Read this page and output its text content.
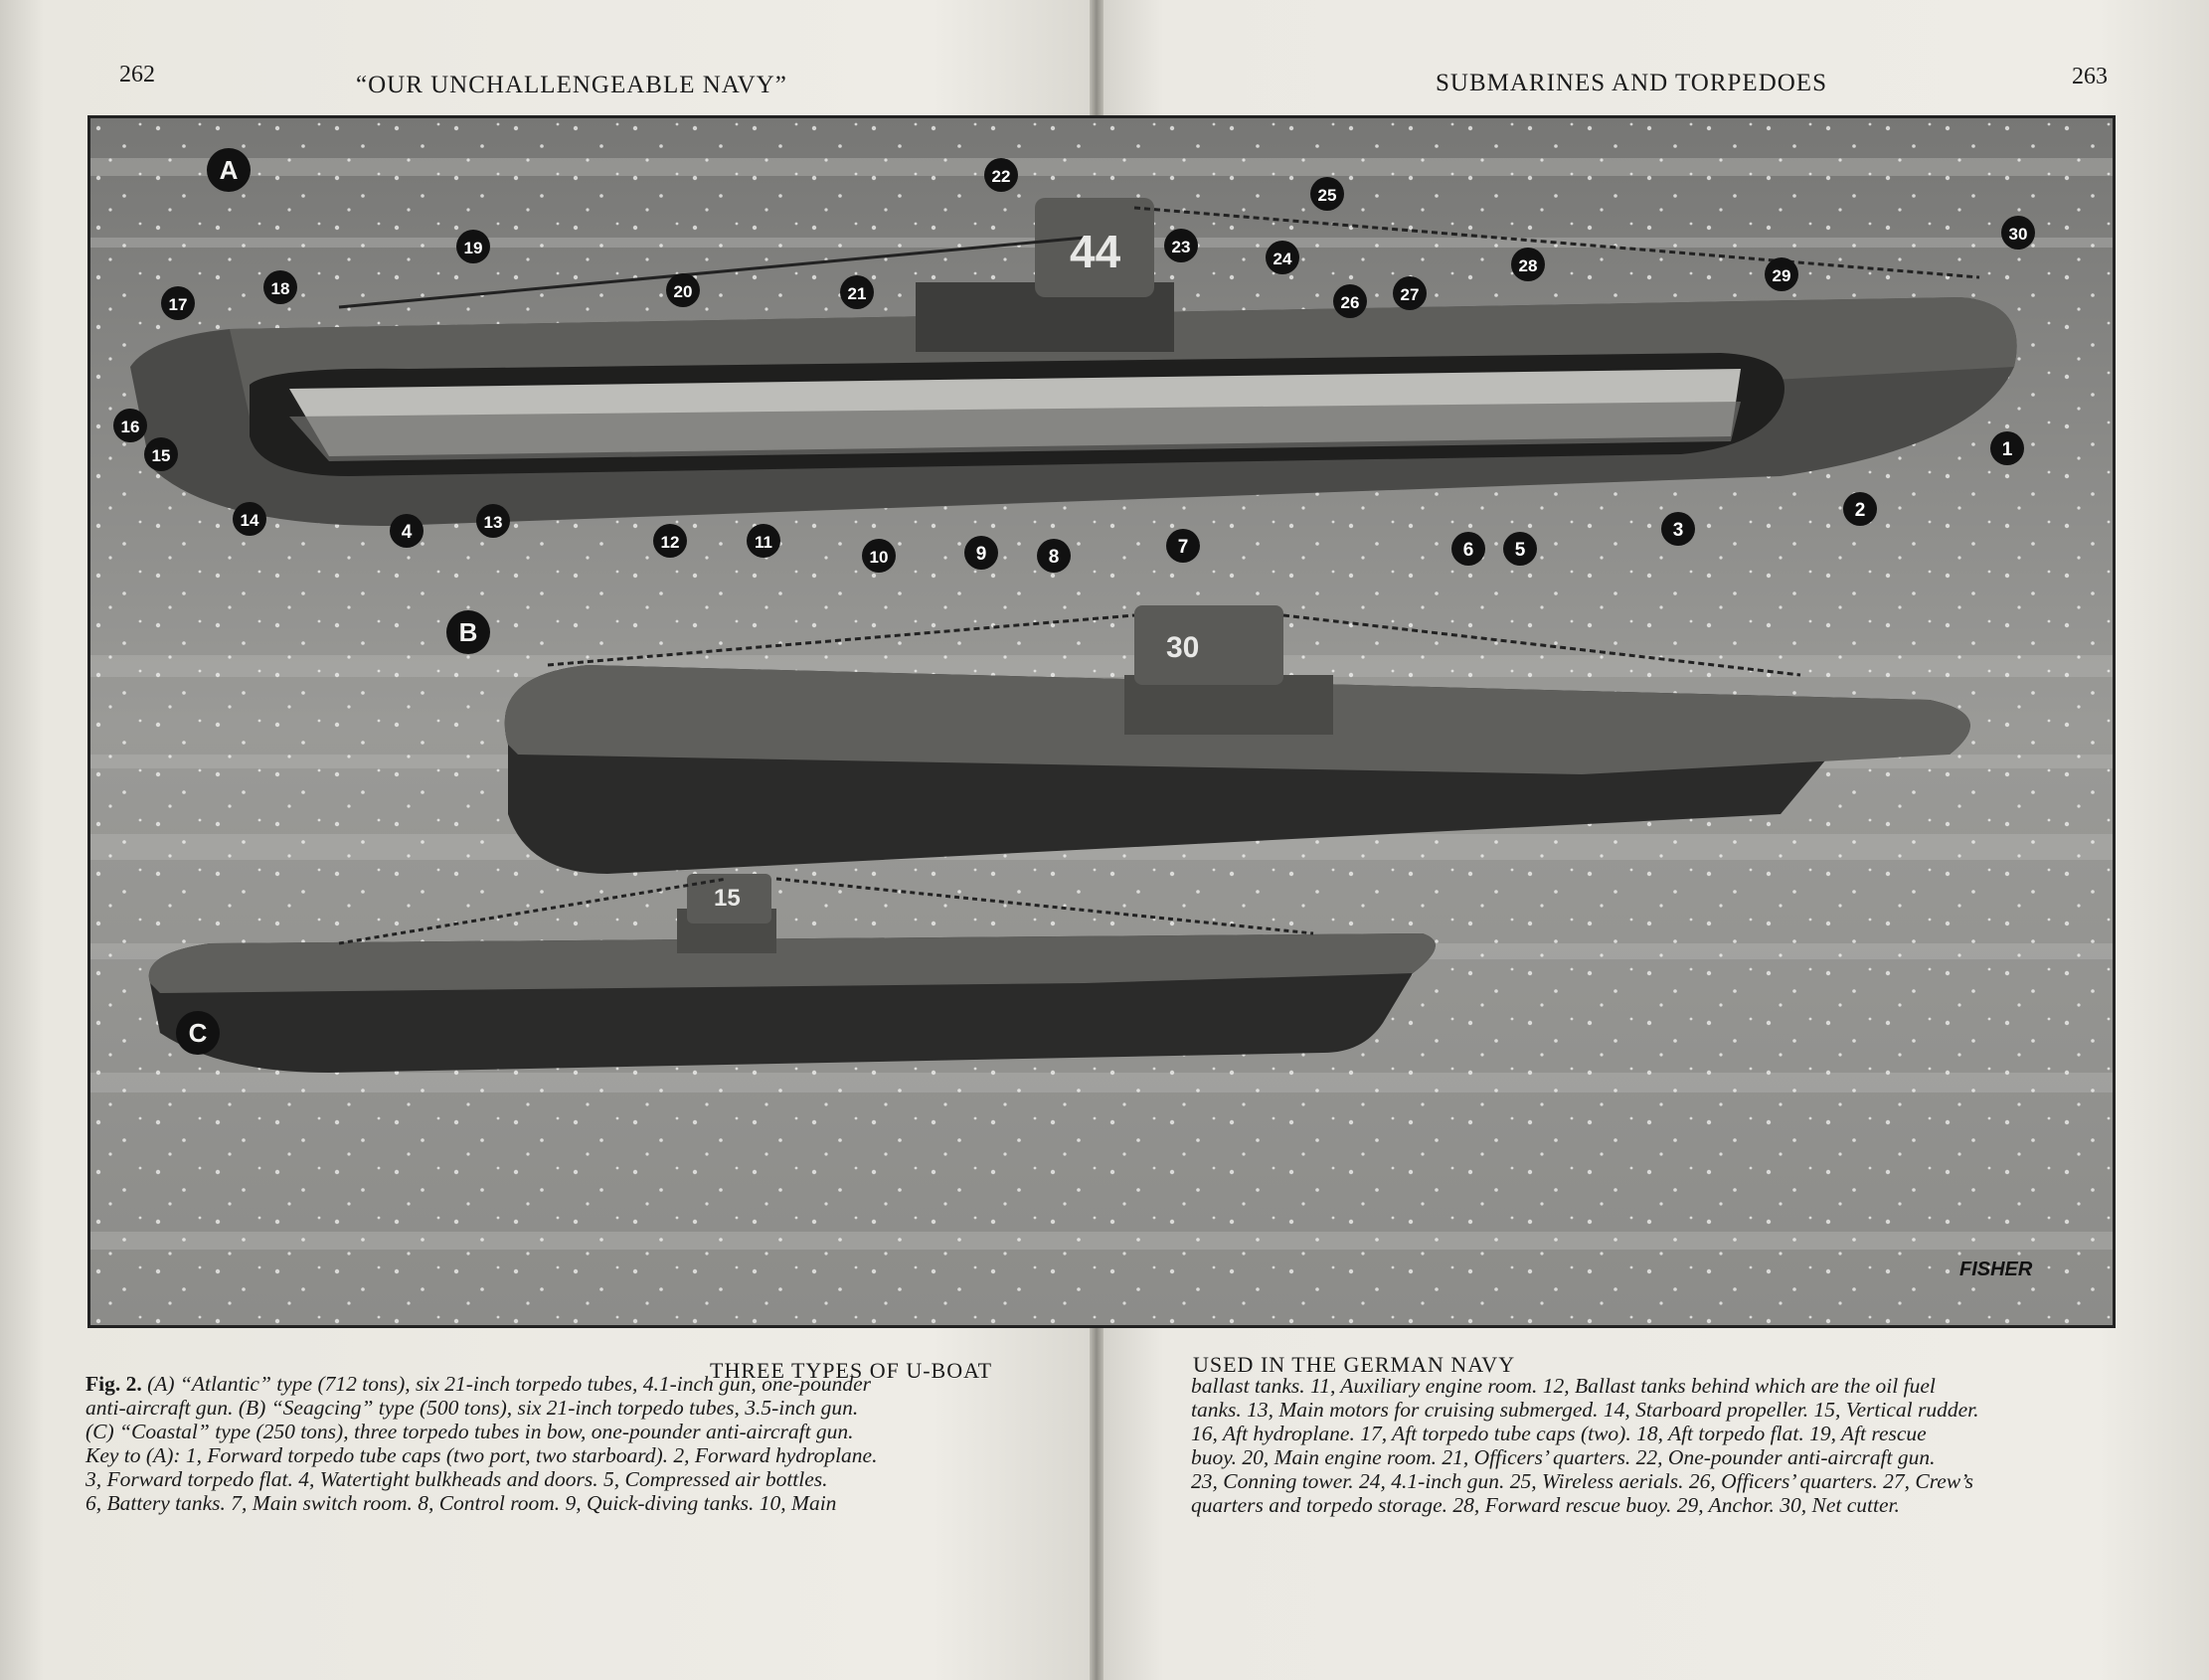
262	“OUR UNCHALLENGEABLE NAVY”	SUBMARINES AND TORPEDOES	263
44
30
15
A
B
C
1
2
3
4
5
6
7
8
9
10
11
12
13
14
15
16
17
18
19
20	21
22
23
24
25
26 27
28
29
30
FISHER
THREE TYPES OF U-BOAT	USED IN THE GERMAN NAVY
Fig. 2. (A) “Atlantic” type (712 tons), six 21-inch torpedo tubes, 4.1-inch gun, one-pounder
anti-aircraft gun. (B) “Seagcing” type (500 tons), six 21-inch torpedo tubes, 3.5-inch gun.
(C) “Coastal” type (250 tons), three torpedo tubes in bow, one-pounder anti-aircraft gun.
Key to (A): 1, Forward torpedo tube caps (two port, two starboard). 2, Forward hydroplane.
3, Forward torpedo flat. 4, Watertight bulkheads and doors. 5, Compressed air bottles.
6, Battery tanks. 7, Main switch room. 8, Control room. 9, Quick-diving tanks. 10, Main
ballast tanks. 11, Auxiliary engine room. 12, Ballast tanks behind which are the oil fuel
tanks. 13, Main motors for cruising submerged. 14, Starboard propeller. 15, Vertical rudder.
16, Aft hydroplane. 17, Aft torpedo tube caps (two). 18, Aft torpedo flat. 19, Aft rescue
buoy. 20, Main engine room. 21, Officers’ quarters. 22, One-pounder anti-aircraft gun.
23, Conning tower. 24, 4.1-inch gun. 25, Wireless aerials. 26, Officers’ quarters. 27, Crew’s
quarters and torpedo storage. 28, Forward rescue buoy. 29, Anchor. 30, Net cutter.
